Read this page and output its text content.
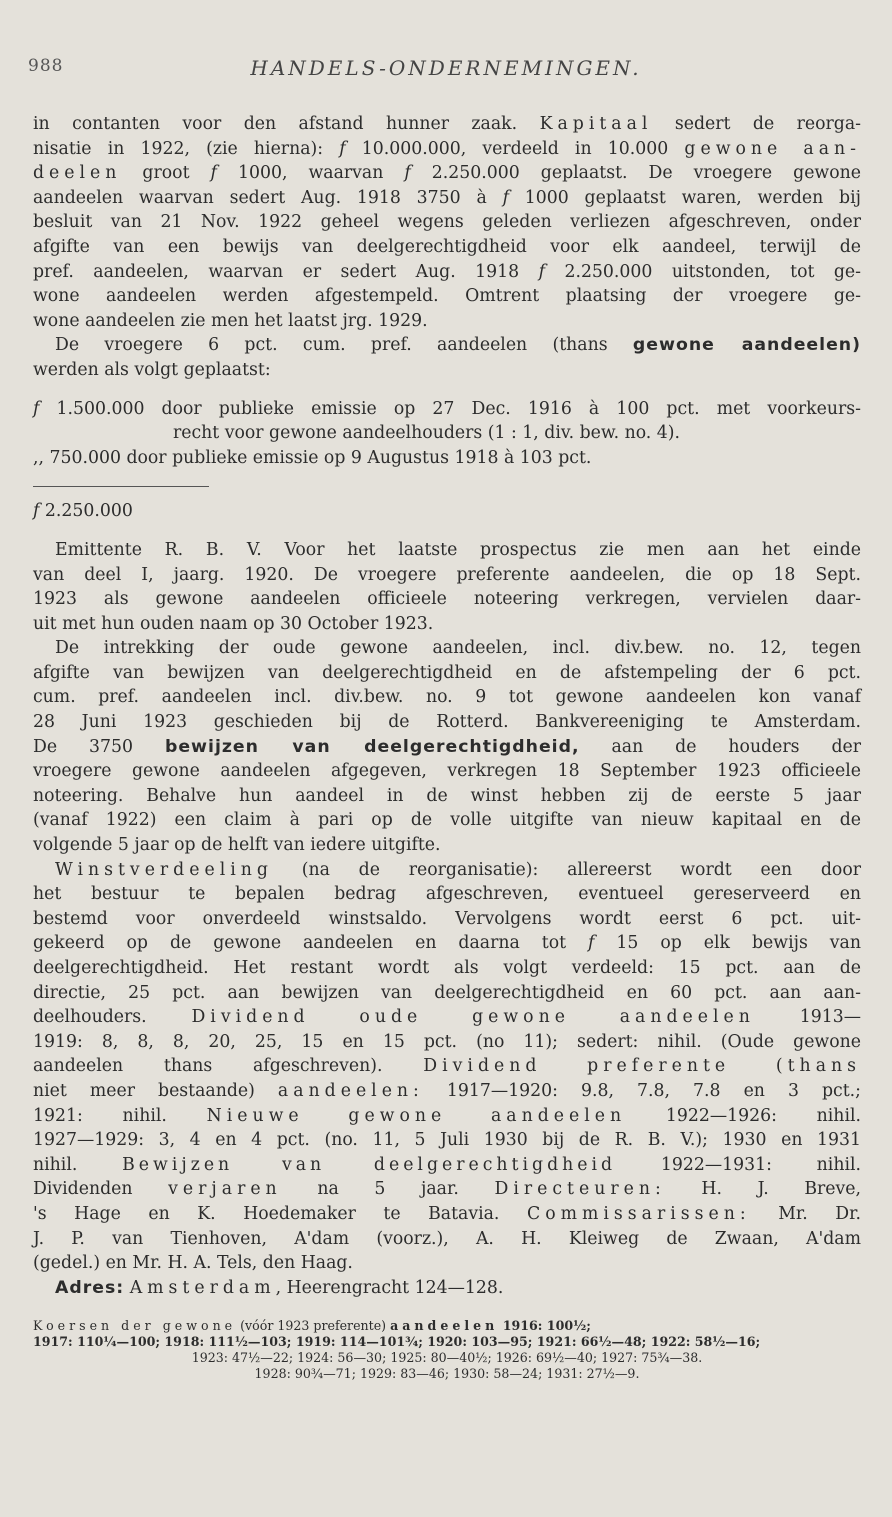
988	HANDELS-ONDERNEMINGEN.
in contanten voor den afstand hunner zaak. Kapitaal sedert de reorga-
nisatie in 1922, (zie hierna): f 10.000.000, verdeeld in 10.000 gewone aan-
deelen groot f 1000, waarvan f 2.250.000 geplaatst. De vroegere gewone
aandeelen waarvan sedert Aug. 1918 3750 à f 1000 geplaatst waren, werden bij
besluit van 21 Nov. 1922 geheel wegens geleden verliezen afgeschreven, onder
afgifte van een bewijs van deelgerechtigdheid voor elk aandeel, terwijl de
pref. aandeelen, waarvan er sedert Aug. 1918 f 2.250.000 uitstonden, tot ge-
wone aandeelen werden afgestempeld. Omtrent plaatsing der vroegere ge-
wone aandeelen zie men het laatst jrg. 1929.
De vroegere 6 pct. cum. pref. aandeelen (thans gewone aandeelen)
werden als volgt geplaatst:
f 1.500.000 door publieke emissie op 27 Dec. 1916 à 100 pct. met voorkeurs-
recht voor gewone aandeelhouders (1 : 1, div. bew. no. 4).
,, 750.000 door publieke emissie op 9 Augustus 1918 à 103 pct.
f 2.250.000
Emittente R. B. V. Voor het laatste prospectus zie men aan het einde
van deel I, jaarg. 1920. De vroegere preferente aandeelen, die op 18 Sept.
1923 als gewone aandeelen officieele noteering verkregen, vervielen daar-
uit met hun ouden naam op 30 October 1923.
De intrekking der oude gewone aandeelen, incl. div.bew. no. 12, tegen
afgifte van bewijzen van deelgerechtigdheid en de afstempeling der 6 pct.
cum. pref. aandeelen incl. div.bew. no. 9 tot gewone aandeelen kon vanaf
28 Juni 1923 geschieden bij de Rotterd. Bankvereeniging te Amsterdam.
De 3750 bewijzen van deelgerechtigdheid, aan de houders der
vroegere gewone aandeelen afgegeven, verkregen 18 September 1923 officieele
noteering. Behalve hun aandeel in de winst hebben zij de eerste 5 jaar
(vanaf 1922) een claim à pari op de volle uitgifte van nieuw kapitaal en de
volgende 5 jaar op de helft van iedere uitgifte.
Winstverdeeling (na de reorganisatie): allereerst wordt een door
het bestuur te bepalen bedrag afgeschreven, eventueel gereserveerd en
bestemd voor onverdeeld winstsaldo. Vervolgens wordt eerst 6 pct. uit-
gekeerd op de gewone aandeelen en daarna tot f 15 op elk bewijs van
deelgerechtigdheid. Het restant wordt als volgt verdeeld: 15 pct. aan de
directie, 25 pct. aan bewijzen van deelgerechtigdheid en 60 pct. aan aan-
deelhouders. Dividend oude gewone aandeelen 1913—
1919: 8, 8, 8, 20, 25, 15 en 15 pct. (no 11); sedert: nihil. (Oude gewone
aandeelen thans afgeschreven). Dividend preferente (thans
niet meer bestaande) aandeelen: 1917—1920: 9.8, 7.8, 7.8 en 3 pct.;
1921: nihil. Nieuwe gewone aandeelen 1922—1926: nihil.
1927—1929: 3, 4 en 4 pct. (no. 11, 5 Juli 1930 bij de R. B. V.); 1930 en 1931
nihil. Bewijzen van deelgerechtigdheid 1922—1931: nihil.
Dividenden verjaren na 5 jaar. Directeuren: H. J. Breve,
's Hage en K. Hoedemaker te Batavia. Commissarissen: Mr. Dr.
J. P. van Tienhoven, A'dam (voorz.), A. H. Kleiweg de Zwaan, A'dam
(gedel.) en Mr. H. A. Tels, den Haag.
Adres: Amsterdam, Heerengracht 124—128.
Koersen der gewone (vóór 1923 preferente) aandeelen 1916: 100½;
1917: 110¼—100; 1918: 111½—103; 1919: 114—101¾; 1920: 103—95; 1921: 66½—48; 1922: 58½—16;
1923: 47½—22; 1924: 56—30; 1925: 80—40½; 1926: 69½—40; 1927: 75¾—38.
1928: 90¾—71; 1929: 83—46; 1930: 58—24; 1931: 27½—9.
